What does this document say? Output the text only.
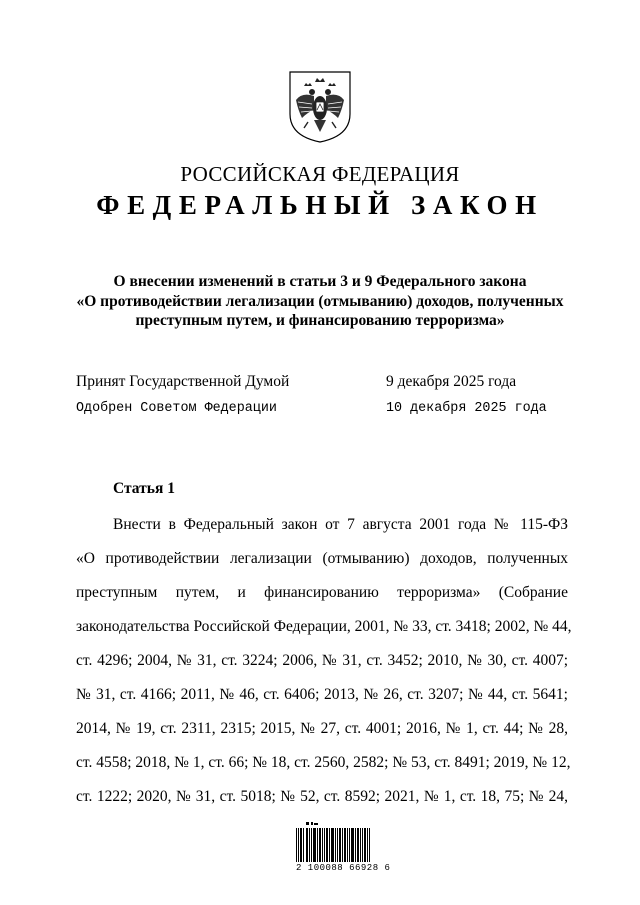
РОССИЙСКАЯ ФЕДЕРАЦИЯ
ФЕДЕРАЛЬНЫЙ ЗАКОН
О внесении изменений в статьи 3 и 9 Федерального закона
«О противодействии легализации (отмыванию) доходов, полученных
преступным путем, и финансированию терроризма»
Принят Государственной Думой	9 декабря 2025 года
Одобрен Советом Федерации	10 декабря 2025 года
Статья 1
Внести в Федеральный закон от 7 августа 2001 года № 115-ФЗ
«О противодействии легализации (отмыванию) доходов, полученных
преступным путем, и финансированию терроризма» (Собрание
законодательства Российской Федерации, 2001, № 33, ст. 3418; 2002, № 44,
ст. 4296; 2004, № 31, ст. 3224; 2006, № 31, ст. 3452; 2010, № 30, ст. 4007;
№ 31, ст. 4166; 2011, № 46, ст. 6406; 2013, № 26, ст. 3207; № 44, ст. 5641;
2014, № 19, ст. 2311, 2315; 2015, № 27, ст. 4001; 2016, № 1, ст. 44; № 28,
ст. 4558; 2018, № 1, ст. 66; № 18, ст. 2560, 2582; № 53, ст. 8491; 2019, № 12,
ст. 1222; 2020, № 31, ст. 5018; № 52, ст. 8592; 2021, № 1, ст. 18, 75; № 24,
2 100088 66928 6
